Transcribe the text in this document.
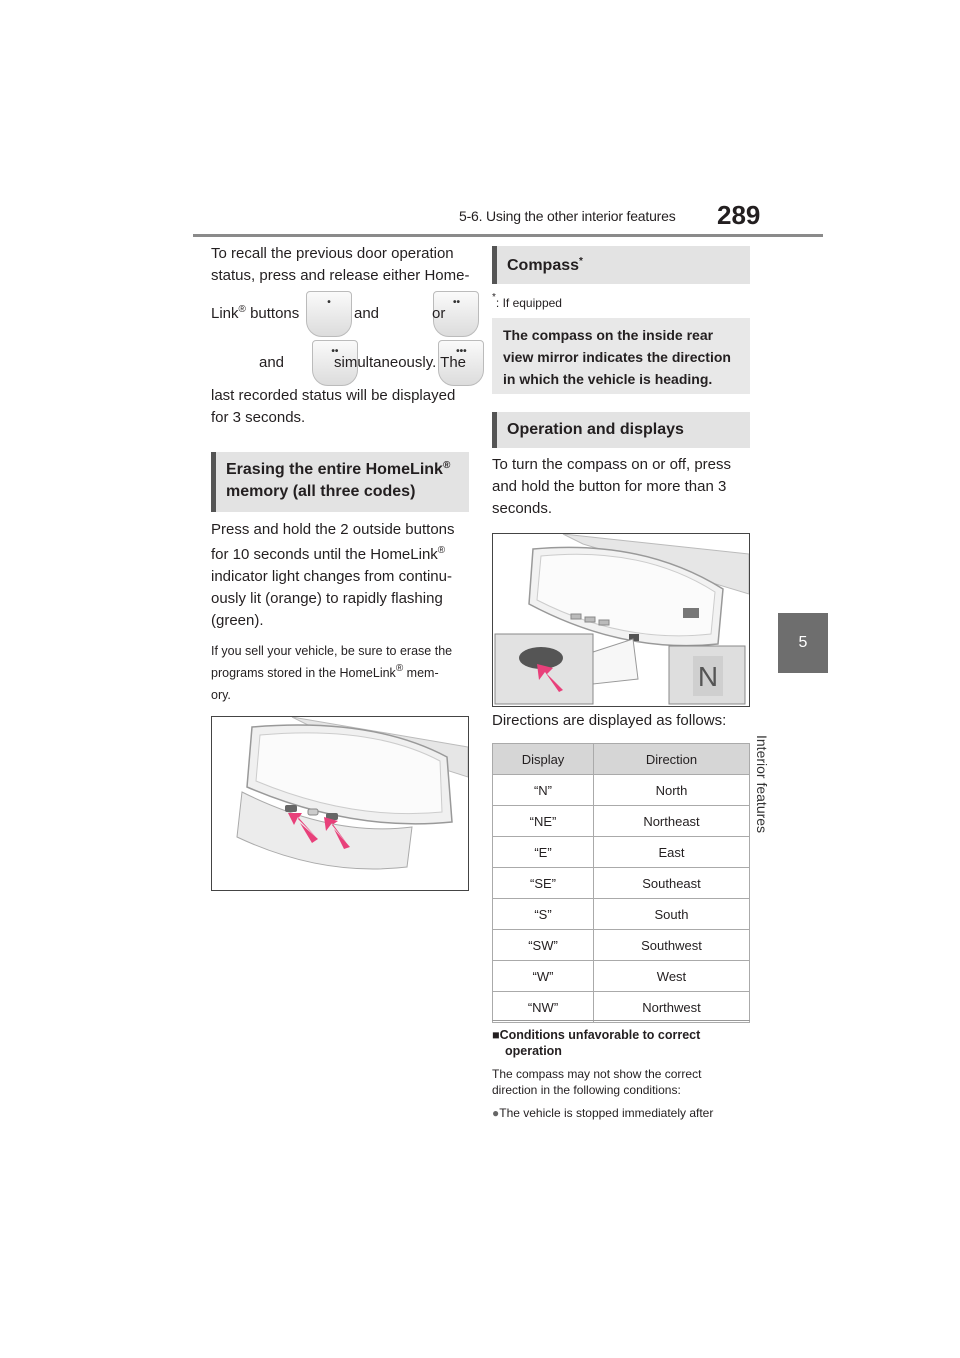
5-6. Using the other interior features 289
5
Interior features
To recall the previous door operation
status, press and release either Home-
Link® buttons
•
and
••
or
••
and
•••
simultaneously. The
last recorded status will be displayed
for 3 seconds.
Erasing the entire HomeLink®
memory (all three codes)
Press and hold the 2 outside buttons
for 10 seconds until the HomeLink®
indicator light changes from continu-
ously lit (orange) to rapidly flashing
(green).
If you sell your vehicle, be sure to erase the
programs stored in the HomeLink® mem-
ory.
Compass*
*: If equipped
The compass on the inside rear
view mirror indicates the direction
in which the vehicle is heading.
Operation and displays
To turn the compass on or off, press
and hold the button for more than 3
seconds.
N
Directions are displayed as follows:
Display	Direction
“N”	North
“NE”	Northeast
“E”	East
“SE”	Southeast
“S”	South
“SW”	Southwest
“W”	West
“NW”	Northwest
■Conditions unfavorable to correct
operation
The compass may not show the correct
direction in the following conditions:
●The vehicle is stopped immediately after
